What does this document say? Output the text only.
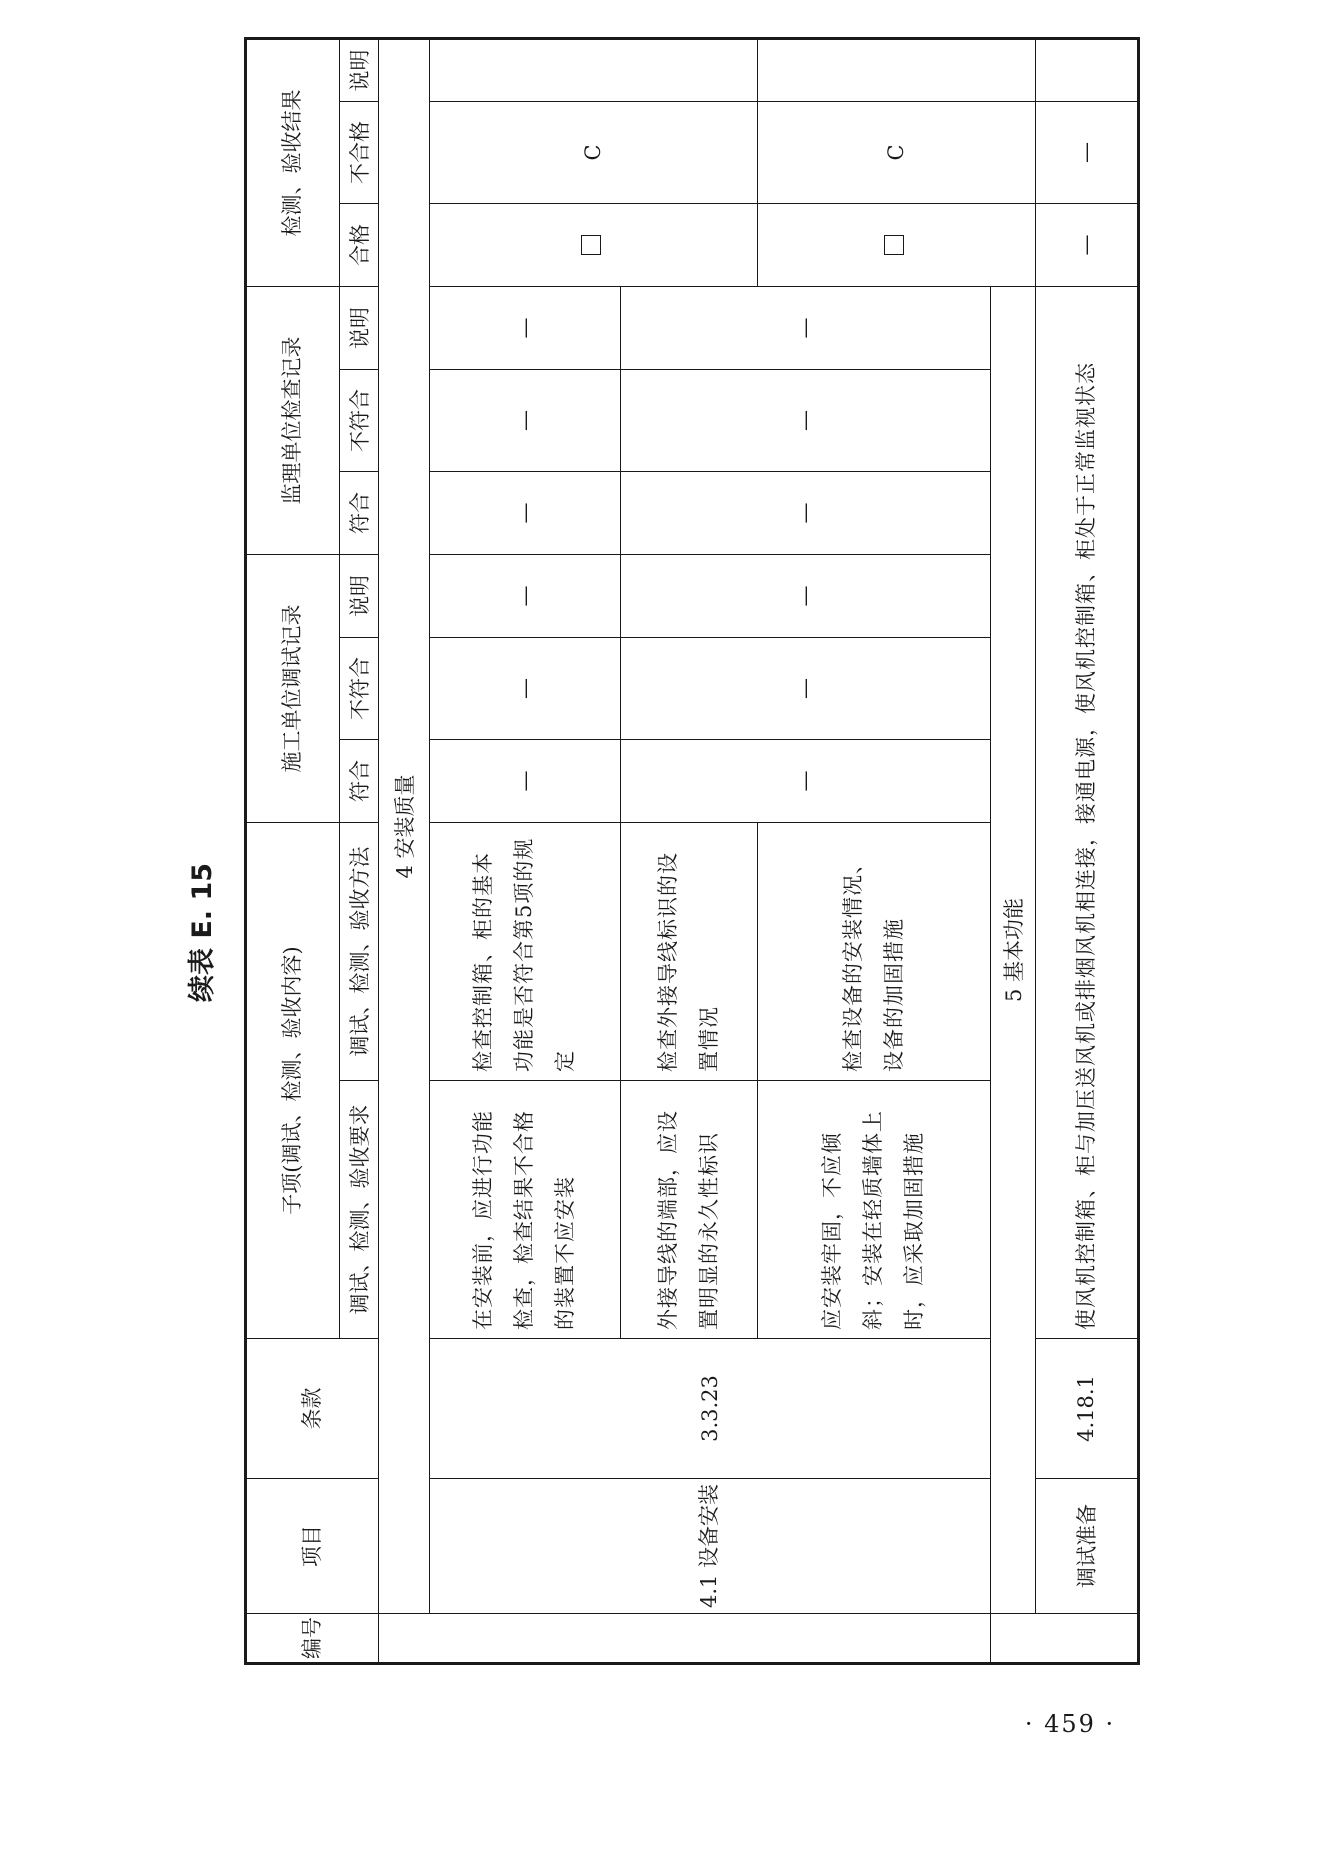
续表 E. 15
编号	项目	条款	子项(调试、检测、验收内容)		施工单位调试记录			监理单位检查记录			检测、验收结果		
			调试、检测、验收要求	调试、检测、验收方法	符合	不符合	说明	符合	不符合	说明	合格	不合格	说明
	4 安装质量												
	4.1 设备安装	3.3.23	在安装前，应进行功能检查，检查结果不合格的装置不应安装	检查控制箱、柜的基本功能是否符合第5项的规定	—	—	—	—	—	—		C	
			外接导线的端部，应设置明显的永久性标识	检查外接导线标识的设置情况	—	—	—	—	—	—			
			应安装牢固，不应倾斜；安装在轻质墙体上时，应采取加固措施	检查设备的安装情况、设备的加固措施								C	
	5 基本功能												
	调试准备	4.18.1	使风机控制箱、柜与加压送风机或排烟风机相连接，接通电源，使风机控制箱、柜处于正常监视状态								—	—	
· 459 ·
